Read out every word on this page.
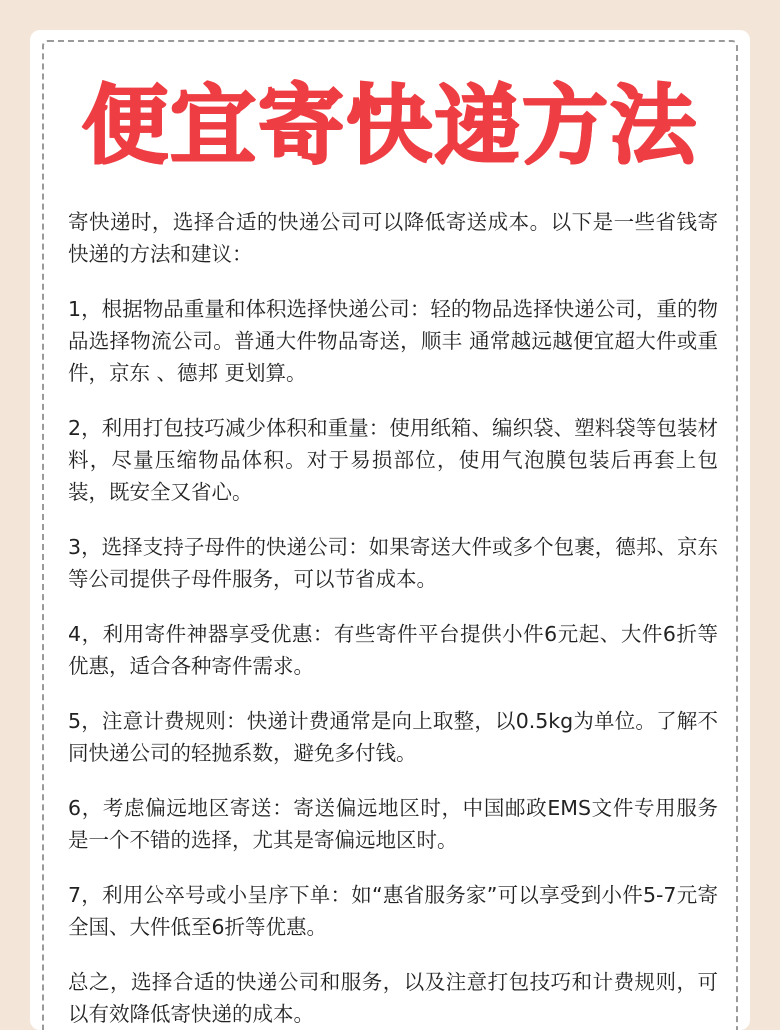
便宜寄快递方法

寄快递时，选择合适的快递公司可以降低寄送成本。以下是一些省钱寄快递的方法和建议：

1，根据物品重量和体积选择快递公司：轻的物品选择快递公司，重的物品选择物流公司。普通大件物品寄送，顺丰 通常越远越便宜超大件或重件，京东 、德邦 更划算。

2，利用打包技巧减少体积和重量：使用纸箱、编织袋、塑料袋等包装材料，尽量压缩物品体积。对于易损部位，使用气泡膜包装后再套上包装，既安全又省心。

3，选择支持子母件的快递公司：如果寄送大件或多个包裹，德邦、京东等公司提供子母件服务，可以节省成本。

4，利用寄件神器享受优惠：有些寄件平台提供小件6元起、大件6折等优惠，适合各种寄件需求。

5，注意计费规则：快递计费通常是向上取整，以0.5kg为单位。了解不同快递公司的轻抛系数，避免多付钱。

6，考虑偏远地区寄送：寄送偏远地区时，中国邮政EMS文件专用服务是一个不错的选择，尤其是寄偏远地区时。

7，利用公卒号或小呈序下单：如“惠省服务家”可以享受到小件5-7元寄全国、大件低至6折等优惠。

总之，选择合适的快递公司和服务，以及注意打包技巧和计费规则，可以有效降低寄快递的成本。
